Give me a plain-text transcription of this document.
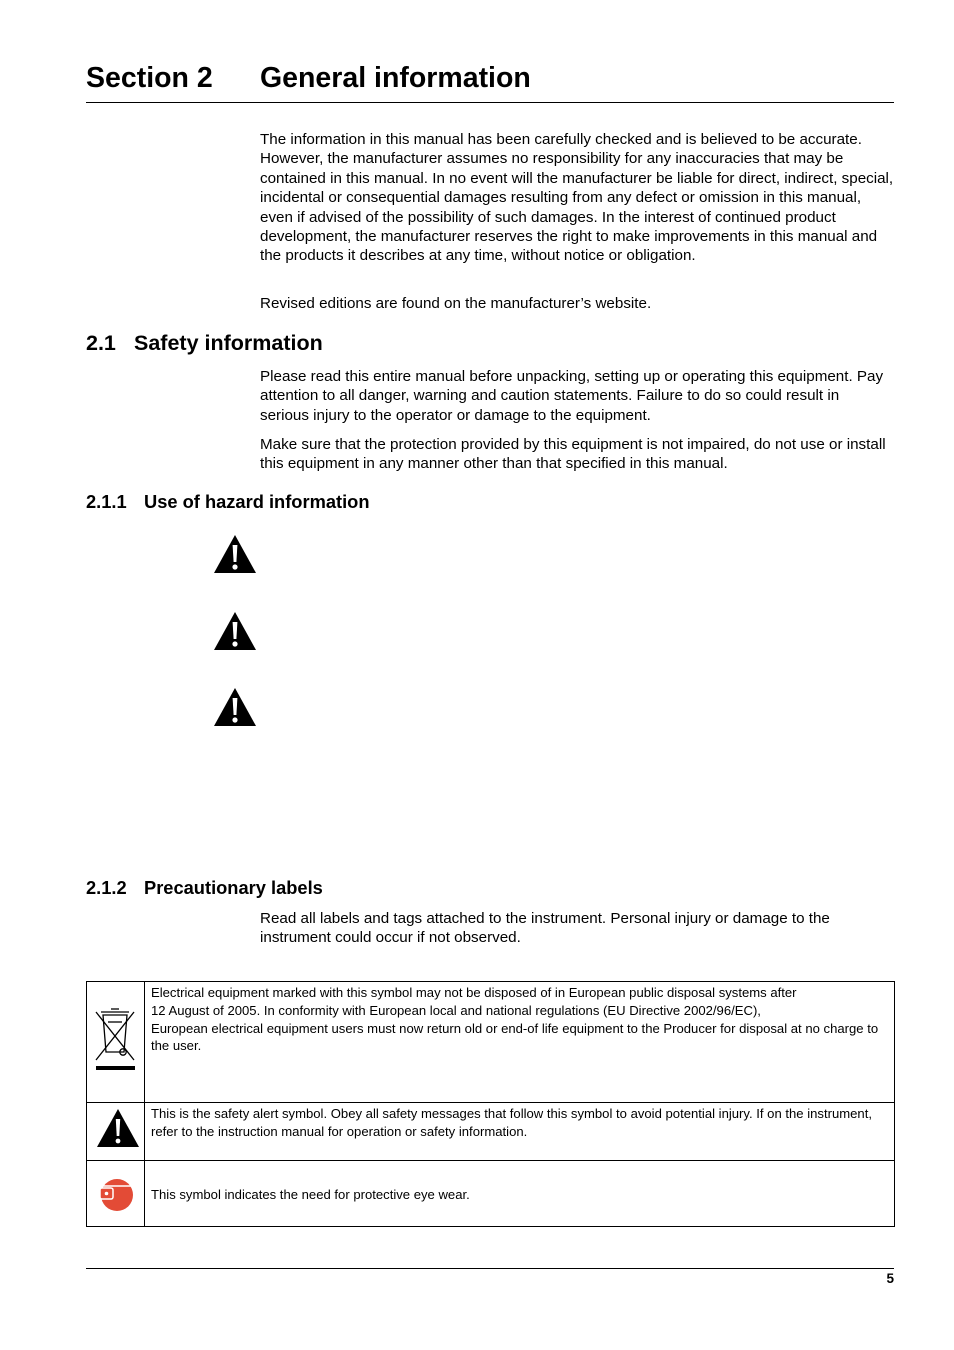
Section 2 General information

The information in this manual has been carefully checked and is believed to be accurate. However, the manufacturer assumes no responsibility for any inaccuracies that may be contained in this manual. In no event will the manufacturer be liable for direct, indirect, special, incidental or consequential damages resulting from any defect or omission in this manual, even if advised of the possibility of such damages. In the interest of continued product development, the manufacturer reserves the right to make improvements in this manual and the products it describes at any time, without notice or obligation.

Revised editions are found on the manufacturer’s website.

2.1 Safety information

Please read this entire manual before unpacking, setting up or operating this equipment. Pay attention to all danger, warning and caution statements. Failure to do so could result in serious injury to the operator or damage to the equipment.

Make sure that the protection provided by this equipment is not impaired, do not use or install this equipment in any manner other than that specified in this manual.

2.1.1 Use of hazard information
2.1.2 Precautionary labels

Read all labels and tags attached to the instrument. Personal injury or damage to the instrument could occur if not observed.

Electrical equipment marked with this symbol may not be disposed of in European public disposal systems after
12 August of 2005. In conformity with European local and national regulations (EU Directive 2002/96/EC),
European electrical equipment users must now return old or end-of life equipment to the Producer for disposal at no charge to the user.

	This is the safety alert symbol. Obey all safety messages that follow this symbol to avoid potential injury. If on the instrument, refer to the instruction manual for operation or safety information.
	This symbol indicates the need for protective eye wear.
5
